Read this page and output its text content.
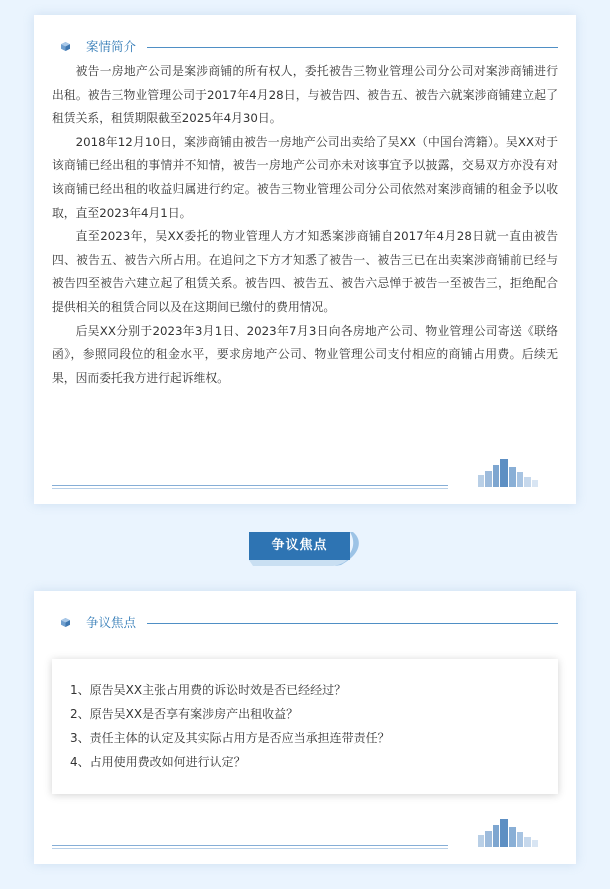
案情简介

被告一房地产公司是案涉商铺的所有权人，委托被告三物业管理公司分公司对案涉商铺进行出租。被告三物业管理公司于2017年4月28日，与被告四、被告五、被告六就案涉商铺建立起了租赁关系，租赁期限截至2025年4月30日。

2018年12月10日，案涉商铺由被告一房地产公司出卖给了吴XX（中国台湾籍）。吴XX对于该商铺已经出租的事情并不知情，被告一房地产公司亦未对该事宜予以披露，交易双方亦没有对该商铺已经出租的收益归属进行约定。被告三物业管理公司分公司依然对案涉商铺的租金予以收取，直至2023年4月1日。

直至2023年，吴XX委托的物业管理人方才知悉案涉商铺自2017年4月28日就一直由被告四、被告五、被告六所占用。在追问之下方才知悉了被告一、被告三已在出卖案涉商铺前已经与被告四至被告六建立起了租赁关系。被告四、被告五、被告六忌惮于被告一至被告三，拒绝配合提供相关的租赁合同以及在这期间已缴付的费用情况。

后吴XX分别于2023年3月1日、2023年7月3日向各房地产公司、物业管理公司寄送《联络函》，参照同段位的租金水平，要求房地产公司、物业管理公司支付相应的商铺占用费。后续无果，因而委托我方进行起诉维权。

争议焦点
争议焦点
1、原告吴XX主张占用费的诉讼时效是否已经经过？
2、原告吴XX是否享有案涉房产出租收益？
3、责任主体的认定及其实际占用方是否应当承担连带责任？
4、占用使用费改如何进行认定？
